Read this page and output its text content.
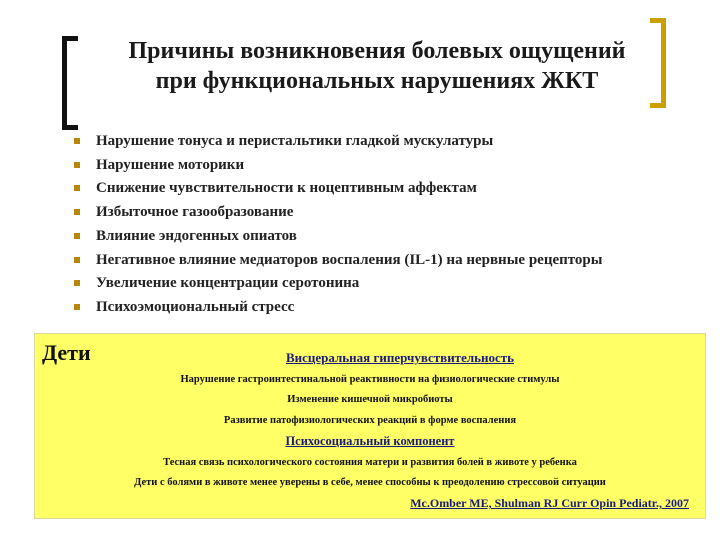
Причины возникновения болевых ощущений
при функциональных нарушениях ЖКТ
Нарушение тонуса и перистальтики гладкой мускулатуры
Нарушение моторики
Снижение чувствительности к ноцептивным аффектам
Избыточное газообразование
Влияние эндогенных опиатов
Негативное влияние медиаторов воспаления (IL-1) на нервные рецепторы
Увеличение концентрации серотонина
Психоэмоциональный стресс
Висцеральная гиперчувствительность
Нарушение гастроинтестинальной реактивности на физиологические стимулы
Изменение кишечной микробиоты
Развитие патофизиологических реакций в форме воспаления
Психосоциальный компонент
Тесная связь психологического состояния матери и развития болей в животе у ребенка
Дети с болями в животе менее уверены в себе, менее способны к преодолению стрессовой ситуации
Mc.Omber ME, Shulman RJ Curr Opin Pediatr., 2007
Дети
